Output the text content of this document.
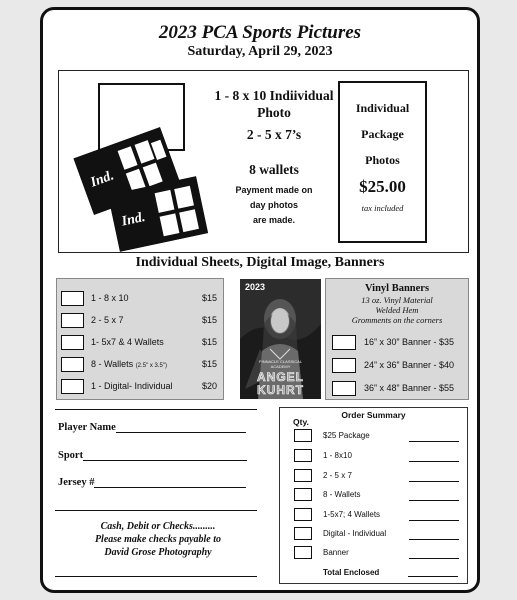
2023 PCA Sports Pictures
Saturday, April 29, 2023
Ind.
Ind.
1 - 8 x 10 Indiividual
Photo
2 - 5 x 7’s
8 wallets
Payment made on
day photos
are made.
Individual
Package
Photos
$25.00
tax included
Individual Sheets, Digital Image, Banners
1 - 8 x 10	$15
2 - 5 x 7	$15
1- 5x7 & 4 Wallets	$15
8 - Wallets (2.5" x 3.5")	$15
1 - Digital- Individual	$20
2023
PINNACLE CLASSICAL
ACADEMY
ANGEL
KUHRT
Vinyl Banners
13 oz. Vinyl Material
Welded Hem
Gromments on the corners
16” x 30” Banner - $35
24” x 36” Banner - $40
36” x 48” Banner - $55
Player Name
Sport
Jersey #
Cash, Debit or Checks.........
Please make checks payable to
David Grose Photography
Order Summary
Qty.
$25 Package
1 - 8x10
2 - 5 x 7
8 - Wallets
1-5x7; 4 Wallets
Digital - Individual
Banner
Total Enclosed
